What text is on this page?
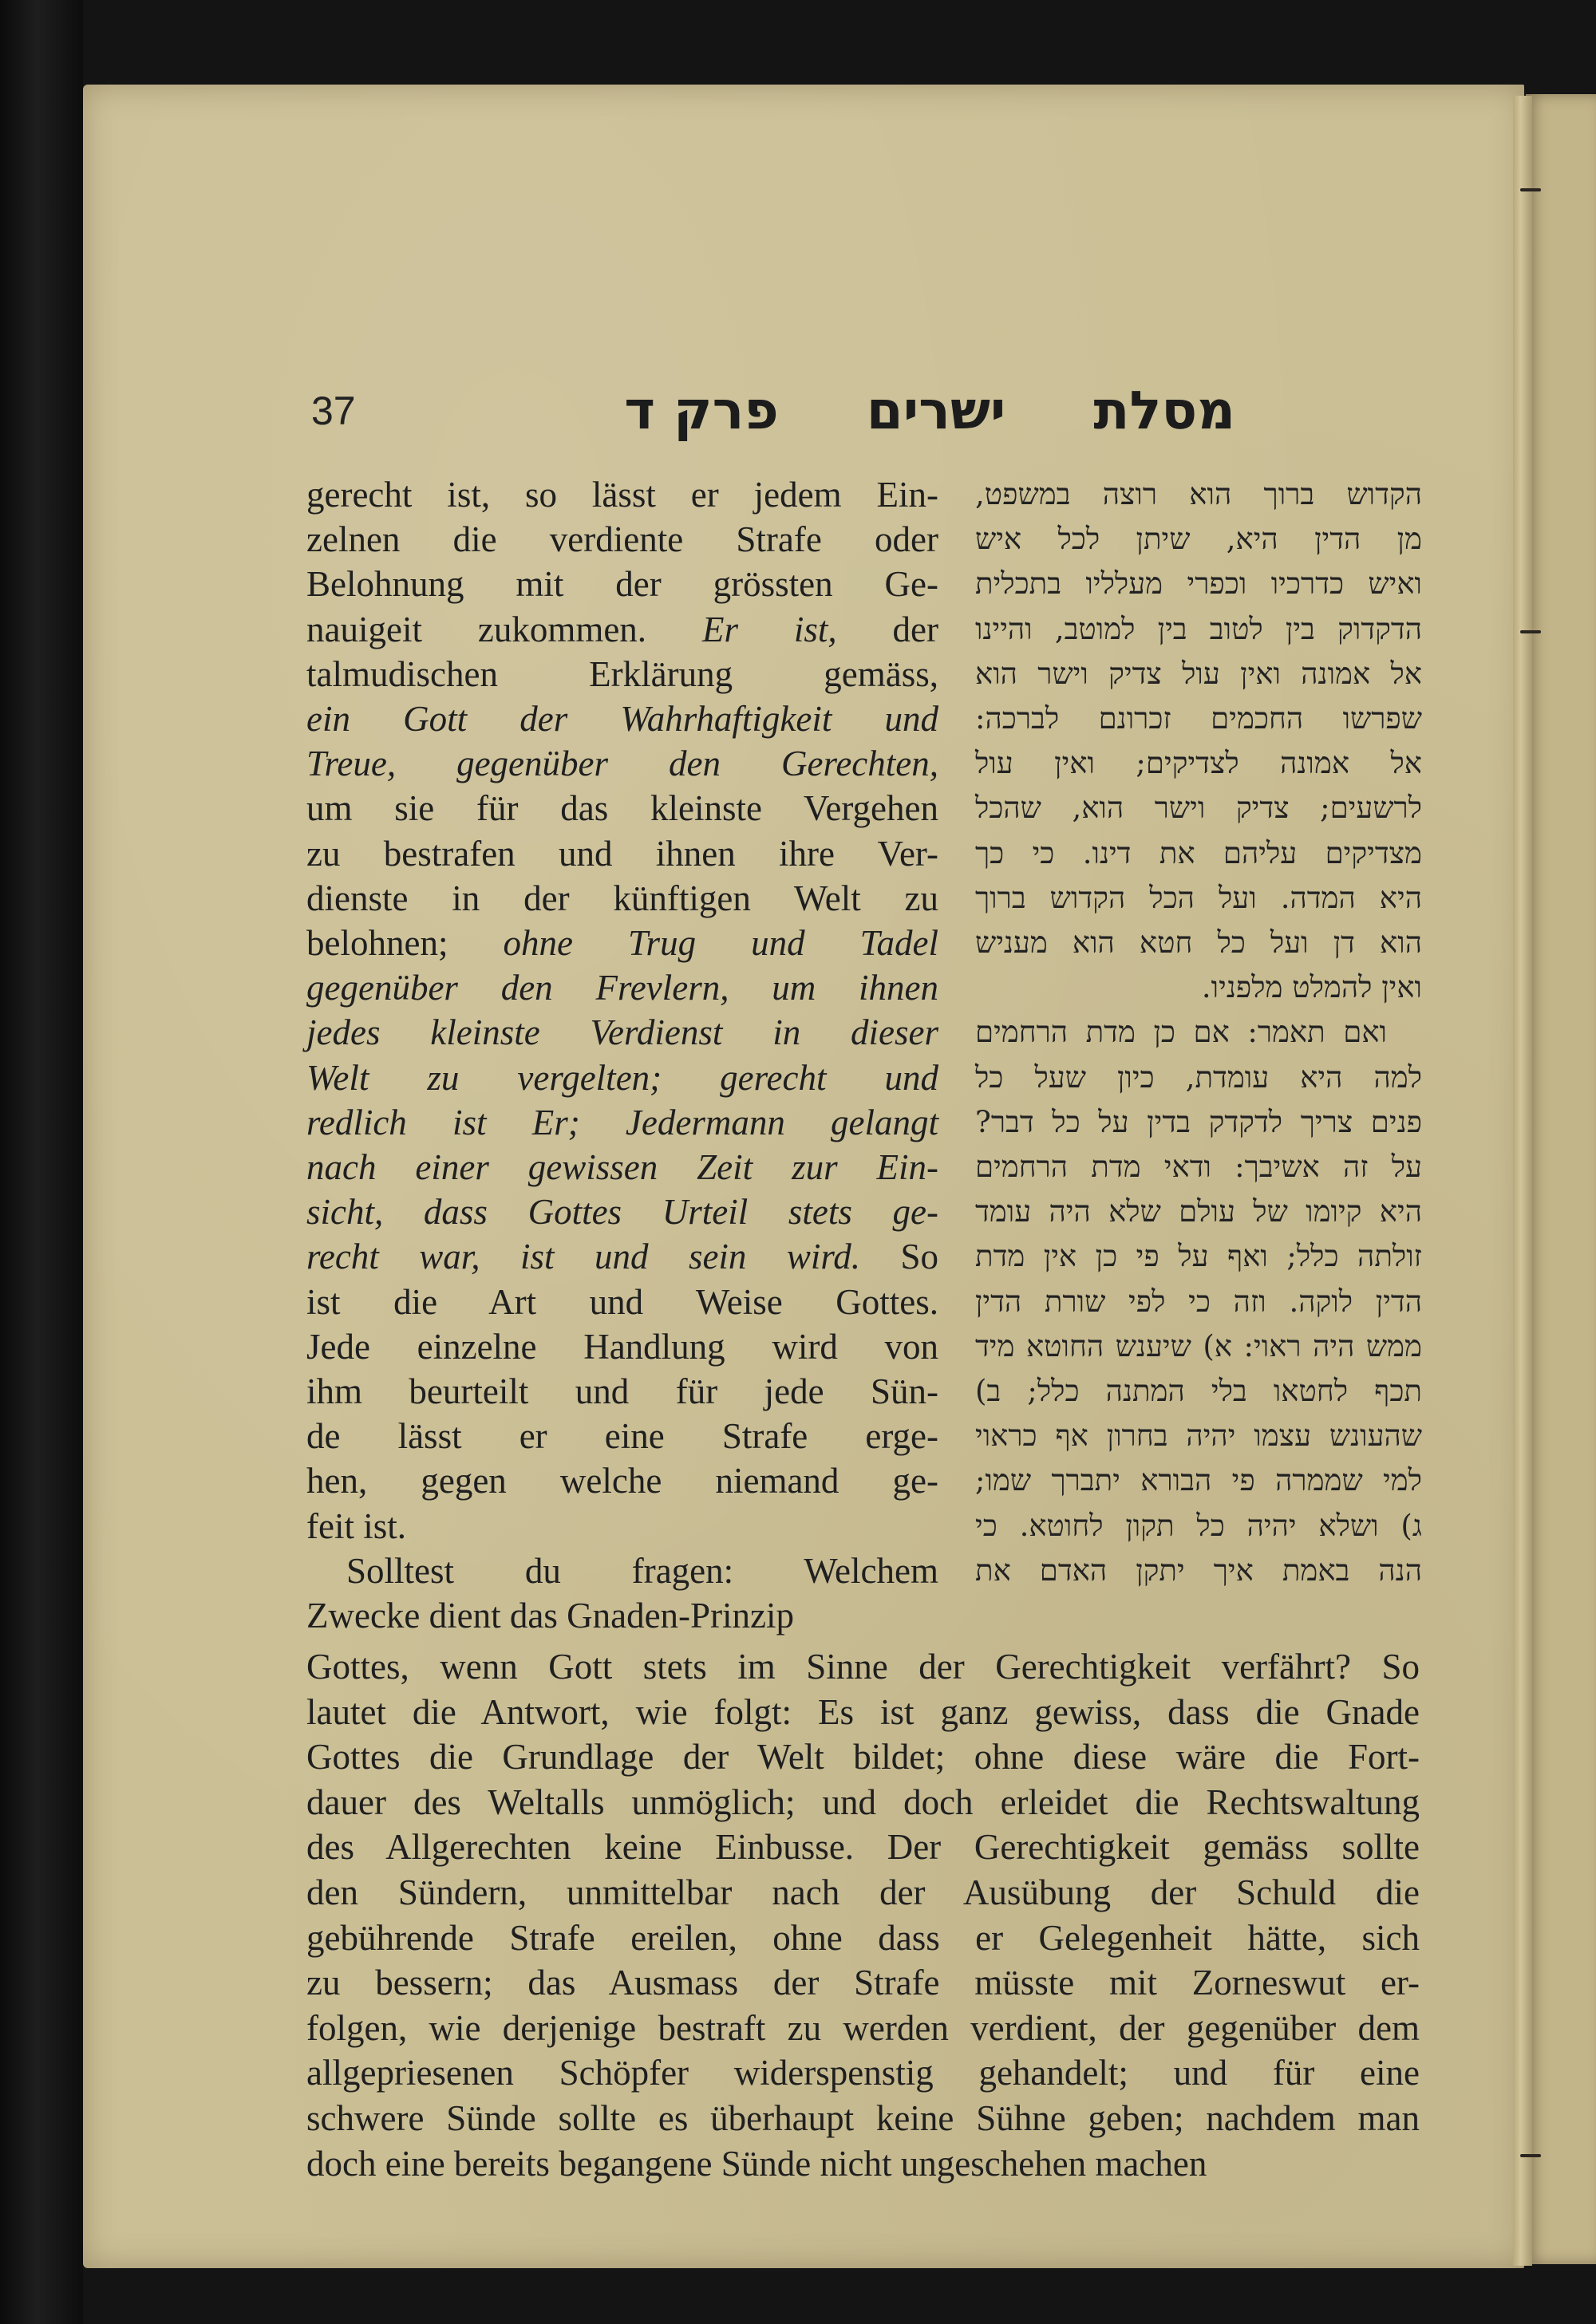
37	מסלת
ישרים
פרק ד
gerecht ist, so lässt er jedem Ein-
zelnen die verdiente Strafe oder
Belohnung mit der grössten Ge-
nauigeit zukommen. Er ist, der
talmudischen Erklärung gemäss,
ein Gott der Wahrhaftigkeit und
Treue, gegenüber den Gerechten,
um sie für das kleinste Vergehen
zu bestrafen und ihnen ihre Ver-
dienste in der künftigen Welt zu
belohnen; ohne Trug und Tadel
gegenüber den Frevlern, um ihnen
jedes kleinste Verdienst in dieser
Welt zu vergelten; gerecht und
redlich ist Er; Jedermann gelangt
nach einer gewissen Zeit zur Ein-
sicht, dass Gottes Urteil stets ge-
recht war, ist und sein wird. So
ist die Art und Weise Gottes.
Jede einzelne Handlung wird von
ihm beurteilt und für jede Sün-
de lässt er eine Strafe erge-
hen, gegen welche niemand ge-
feit ist.
Solltest du fragen: Welchem
Zwecke dient das Gnaden-Prinzip
הקדוש ברוך הוא רוצה במשפט,
מן הדין היא, שיתן לכל איש
ואיש כדרכיו וכפרי מעלליו בתכלית
הדקדוק בין לטוב בין למוטב, והיינו
אל אמונה ואין עול צדיק וישר הוא
שפרשו החכמים זכרונם לברכה:
אל אמונה לצדיקים; ואין עול
לרשעים; צדיק וישר הוא, שהכל
מצדיקים עליהם את דינו. כי כך
היא המדה. ועל הכל הקדוש ברוך
הוא דן ועל כל חטא הוא מעניש
ואין להמלט מלפניו.
ואם תאמר: אם כן מדת הרחמים
למה היא עומדת, כיון שעל כל
פנים צריך לדקדק בדין על כל דבר?
על זה אשיבך: ודאי מדת הרחמים
היא קיומו של עולם שלא היה עומד
זולתה כלל; ואף על פי כן אין מדת
הדין לוקה. וזה כי לפי שורת הדין
ממש היה ראוי: א) שיענש החוטא מיד
תכף לחטאו בלי המתנה כלל; ב)
שהעונש עצמו יהיה בחרון אף כראוי
למי שממרה פי הבורא יתברך שמו;
ג) ושלא יהיה כל תקון לחוטא. כי
הנה באמת איך יתקן האדם את
Gottes, wenn Gott stets im Sinne der Gerechtigkeit verfährt? So
lautet die Antwort, wie folgt: Es ist ganz gewiss, dass die Gnade
Gottes die Grundlage der Welt bildet; ohne diese wäre die Fort-
dauer des Weltalls unmöglich; und doch erleidet die Rechtswaltung
des Allgerechten keine Einbusse. Der Gerechtigkeit gemäss sollte
den Sündern, unmittelbar nach der Ausübung der Schuld die
gebührende Strafe ereilen, ohne dass er Gelegenheit hätte, sich
zu bessern; das Ausmass der Strafe müsste mit Zorneswut er-
folgen, wie derjenige bestraft zu werden verdient, der gegenüber dem
allgepriesenen Schöpfer widerspenstig gehandelt; und für eine
schwere Sünde sollte es überhaupt keine Sühne geben; nachdem man
doch eine bereits begangene Sünde nicht ungeschehen machen
